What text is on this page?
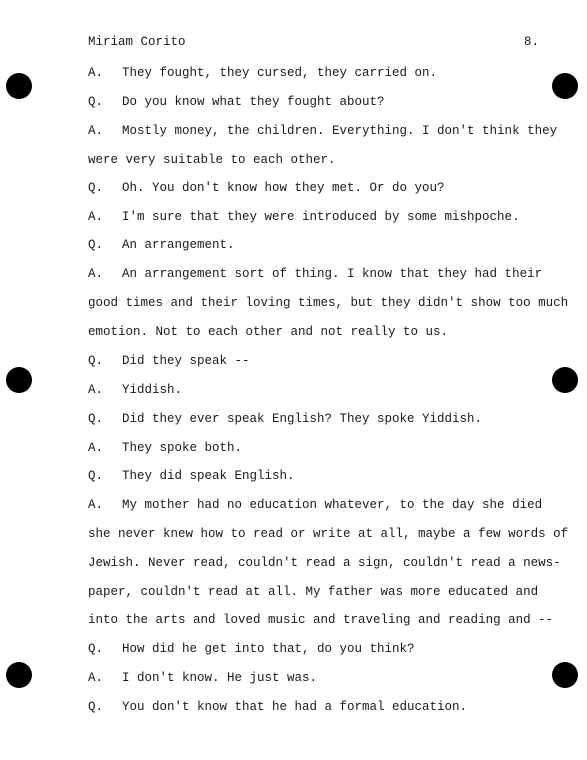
Miriam Corito	8.
A. They fought, they cursed, they carried on.
Q. Do you know what they fought about?
A. Mostly money, the children. Everything. I don't think they
were very suitable to each other.
Q. Oh. You don't know how they met. Or do you?
A. I'm sure that they were introduced by some mishpoche.
Q. An arrangement.
A. An arrangement sort of thing. I know that they had their
good times and their loving times, but they didn't show too much
emotion. Not to each other and not really to us.
Q. Did they speak --
A. Yiddish.
Q. Did they ever speak English? They spoke Yiddish.
A. They spoke both.
Q. They did speak English.
A. My mother had no education whatever, to the day she died
she never knew how to read or write at all, maybe a few words of
Jewish. Never read, couldn't read a sign, couldn't read a news-
paper, couldn't read at all. My father was more educated and
into the arts and loved music and traveling and reading and --
Q. How did he get into that, do you think?
A. I don't know. He just was.
Q. You don't know that he had a formal education.
